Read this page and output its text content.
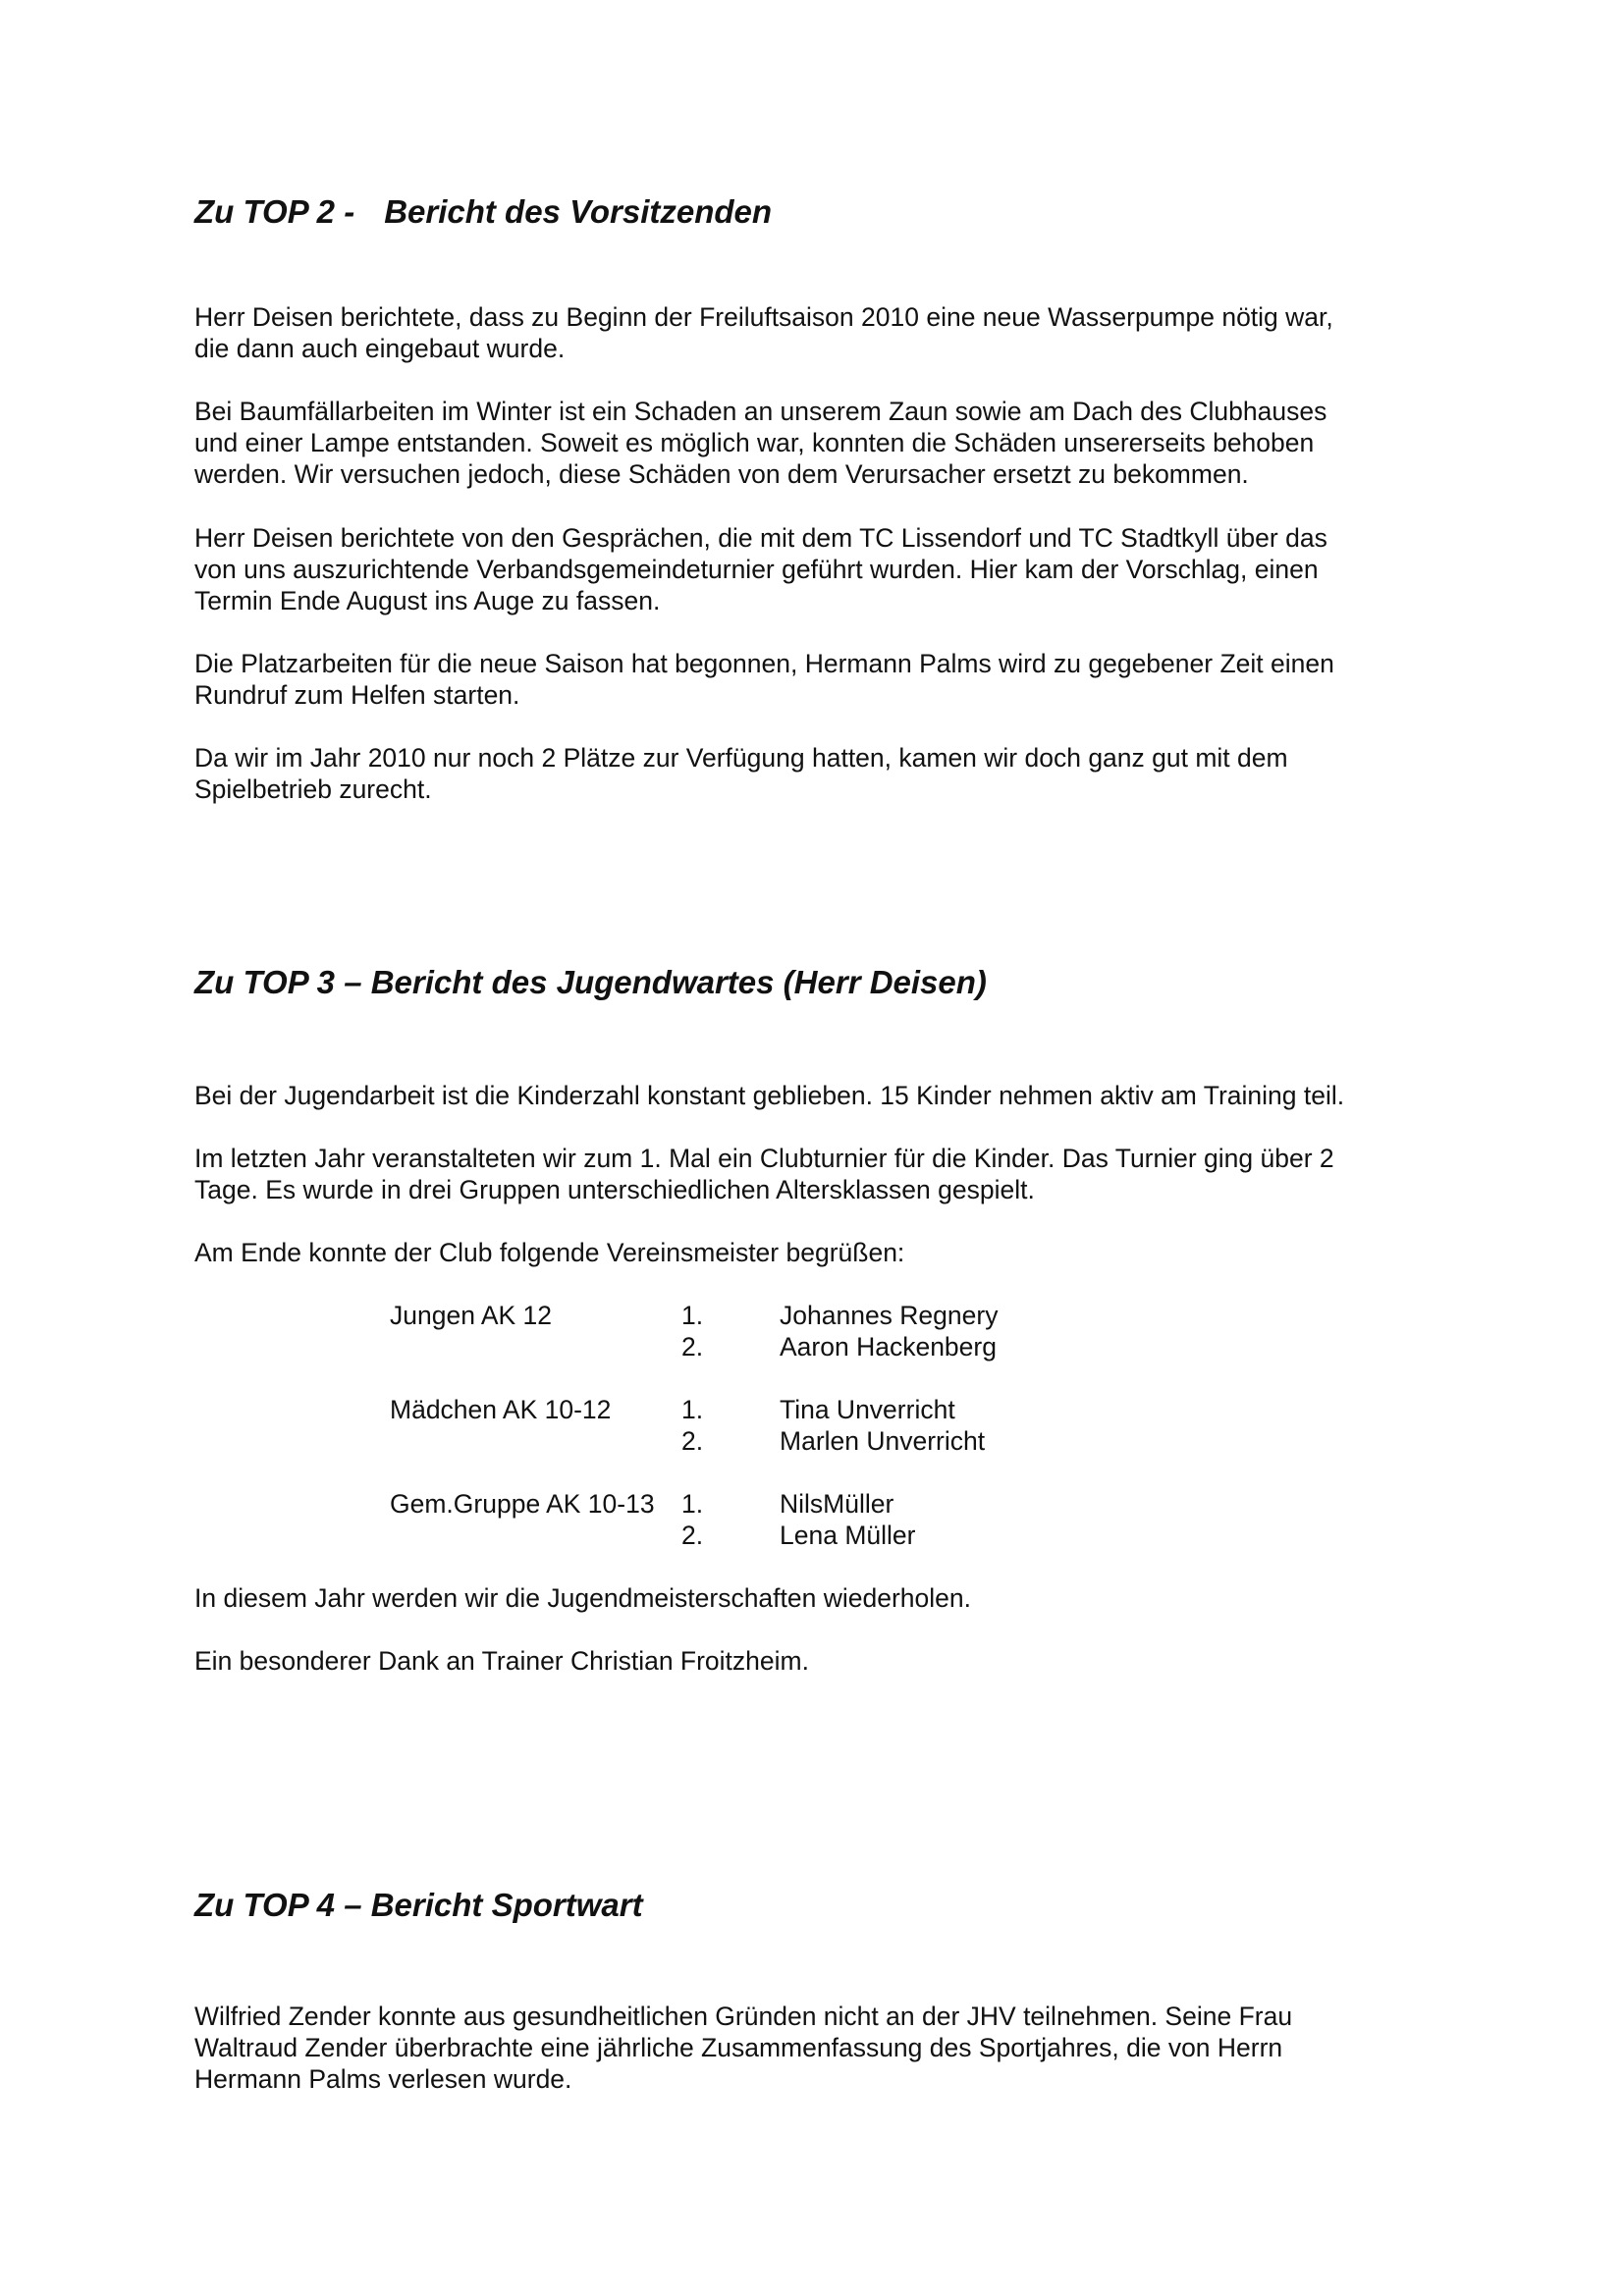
Zu TOP 2 - Bericht des Vorsitzenden

Herr Deisen berichtete, dass zu Beginn der Freiluftsaison 2010 eine neue Wasserpumpe nötig war,
die dann auch eingebaut wurde.

Bei Baumfällarbeiten im Winter ist ein Schaden an unserem Zaun sowie am Dach des Clubhauses
und einer Lampe entstanden. Soweit es möglich war, konnten die Schäden unsererseits behoben
werden. Wir versuchen jedoch, diese Schäden von dem Verursacher ersetzt zu bekommen.

Herr Deisen berichtete von den Gesprächen, die mit dem TC Lissendorf und TC Stadtkyll über das
von uns auszurichtende Verbandsgemeindeturnier geführt wurden. Hier kam der Vorschlag, einen
Termin Ende August ins Auge zu fassen.

Die Platzarbeiten für die neue Saison hat begonnen, Hermann Palms wird zu gegebener Zeit einen
Rundruf zum Helfen starten.

Da wir im Jahr 2010 nur noch 2 Plätze zur Verfügung hatten, kamen wir doch ganz gut mit dem
Spielbetrieb zurecht.

Zu TOP 3 – Bericht des Jugendwartes (Herr Deisen)

Bei der Jugendarbeit ist die Kinderzahl konstant geblieben. 15 Kinder nehmen aktiv am Training teil.

Im letzten Jahr veranstalteten wir zum 1. Mal ein Clubturnier für die Kinder. Das Turnier ging über 2
Tage. Es wurde in drei Gruppen unterschiedlichen Altersklassen gespielt.

Am Ende konnte der Club folgende Vereinsmeister begrüßen:

Jungen AK 12	1.	Johannes Regnery
2.	Aaron Hackenberg
Mädchen AK 10-12	1.	Tina Unverricht
2.	Marlen Unverricht
Gem.Gruppe AK 10-13 1.	NilsMüller
2.	Lena Müller

In diesem Jahr werden wir die Jugendmeisterschaften wiederholen.

Ein besonderer Dank an Trainer Christian Froitzheim.

Zu TOP 4 – Bericht Sportwart

Wilfried Zender konnte aus gesundheitlichen Gründen nicht an der JHV teilnehmen. Seine Frau
Waltraud Zender überbrachte eine jährliche Zusammenfassung des Sportjahres, die von Herrn
Hermann Palms verlesen wurde.
